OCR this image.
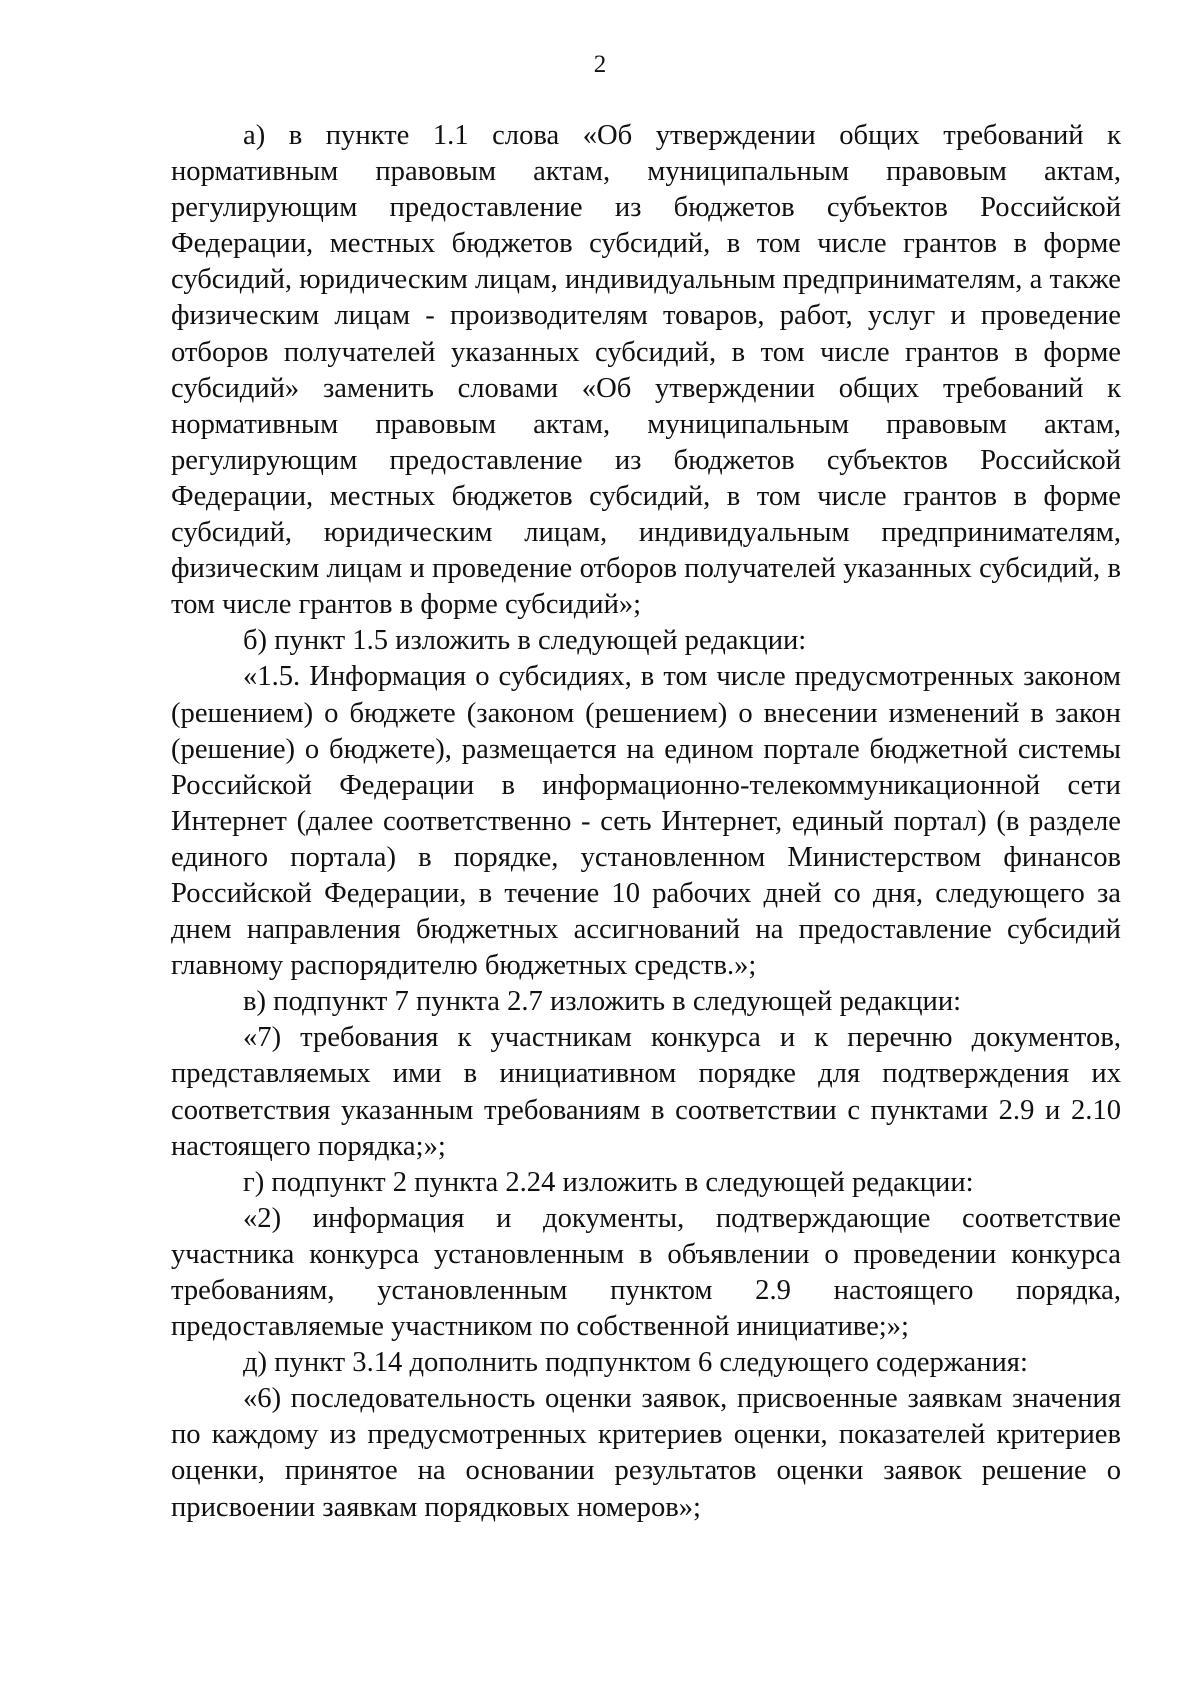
2

а) в пункте 1.1 слова «Об утверждении общих требований к нормативным правовым актам, муниципальным правовым актам, регулирующим предоставление из бюджетов субъектов Российской Федерации, местных бюджетов субсидий, в том числе грантов в форме субсидий, юридическим лицам, индивидуальным предпринимателям, а также физическим лицам - производителям товаров, работ, услуг и проведение отборов получателей указанных субсидий, в том числе грантов в форме субсидий» заменить словами «Об утверждении общих требований к нормативным правовым актам, муниципальным правовым актам, регулирующим предоставление из бюджетов субъектов Российской Федерации, местных бюджетов субсидий, в том числе грантов в форме субсидий, юридическим лицам, индивидуальным предпринимателям, физическим лицам и проведение отборов получателей указанных субсидий, в том числе грантов в форме субсидий»;

б) пункт 1.5 изложить в следующей редакции:

«1.5. Информация о субсидиях, в том числе предусмотренных законом (решением) о бюджете (законом (решением) о внесении изменений в закон (решение) о бюджете), размещается на едином портале бюджетной системы Российской Федерации в информационно-телекоммуникационной сети Интернет (далее соответственно - сеть Интернет, единый портал) (в разделе единого портала) в порядке, установленном Министерством финансов Российской Федерации, в течение 10 рабочих дней со дня, следующего за днем направления бюджетных ассигнований на предоставление субсидий главному распорядителю бюджетных средств.»;

в) подпункт 7 пункта 2.7 изложить в следующей редакции:

«7) требования к участникам конкурса и к перечню документов, представляемых ими в инициативном порядке для подтверждения их соответствия указанным требованиям в соответствии с пунктами 2.9 и 2.10 настоящего порядка;»;

г) подпункт 2 пункта 2.24 изложить в следующей редакции:

«2) информация и документы, подтверждающие соответствие участника конкурса установленным в объявлении о проведении конкурса требованиям, установленным пунктом 2.9 настоящего порядка, предоставляемые участником по собственной инициативе;»;

д) пункт 3.14 дополнить подпунктом 6 следующего содержания:

«6) последовательность оценки заявок, присвоенные заявкам значения по каждому из предусмотренных критериев оценки, показателей критериев оценки, принятое на основании результатов оценки заявок решение о присвоении заявкам порядковых номеров»;
